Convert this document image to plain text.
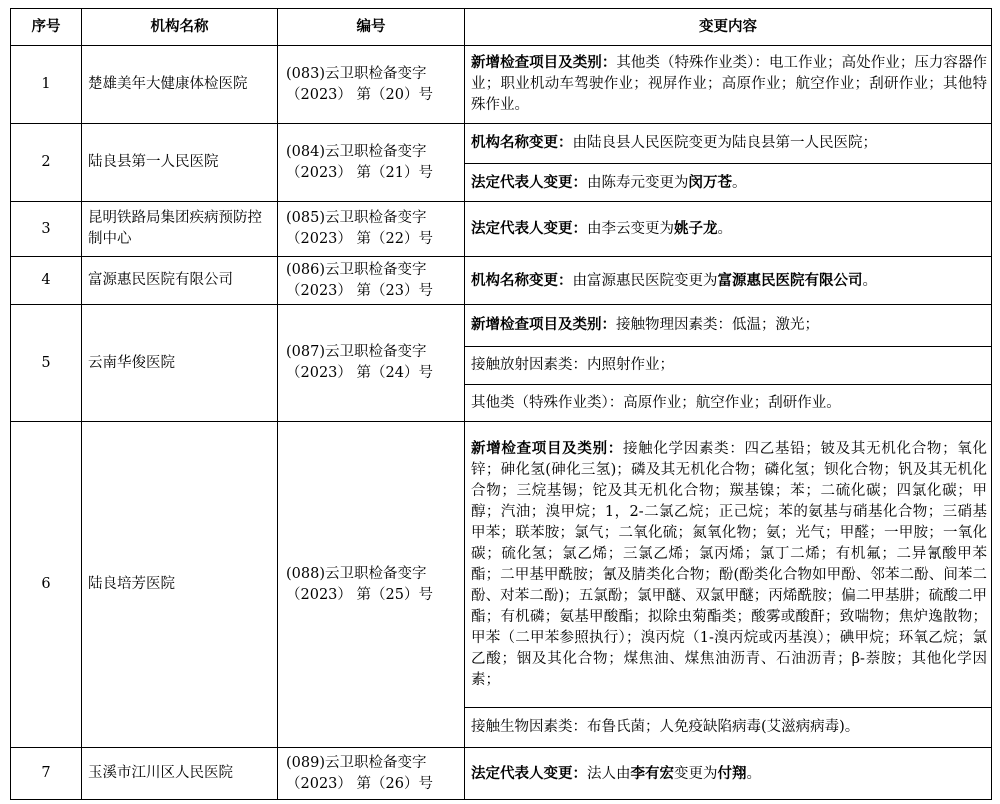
序号	机构名称	编号	变更内容
1	楚雄美年大健康体检医院	(083)云卫职检备变字（2023） 第（20）号	新增检查项目及类别：其他类（特殊作业类）：电工作业；高处作业；压力容器作业；职业机动车驾驶作业；视屏作业；高原作业；航空作业；刮研作业；其他特殊作业。
2	陆良县第一人民医院	(084)云卫职检备变字（2023） 第（21）号	机构名称变更：由陆良县人民医院变更为陆良县第一人民医院；
			法定代表人变更：由陈寿元变更为闵万苍。
3	昆明铁路局集团疾病预防控制中心	(085)云卫职检备变字（2023） 第（22）号	法定代表人变更：由李云变更为姚子龙。
4	富源惠民医院有限公司	(086)云卫职检备变字（2023） 第（23）号	机构名称变更：由富源惠民医院变更为富源惠民医院有限公司。
5	云南华俊医院	(087)云卫职检备变字（2023） 第（24）号	新增检查项目及类别：接触物理因素类：低温；激光；
			接触放射因素类：内照射作业；
			其他类（特殊作业类）：高原作业；航空作业；刮研作业。
6	陆良培芳医院	(088)云卫职检备变字（2023） 第（25）号	新增检查项目及类别：接触化学因素类：四乙基铅；铍及其无机化合物；氧化锌；砷化氢(砷化三氢)；磷及其无机化合物；磷化氢；钡化合物；钒及其无机化合物；三烷基锡；铊及其无机化合物；羰基镍；苯；二硫化碳；四氯化碳；甲醇；汽油；溴甲烷；1，2-二氯乙烷；正己烷；苯的氨基与硝基化合物；三硝基甲苯；联苯胺；氯气；二氧化硫；氮氧化物；氨；光气；甲醛；一甲胺；一氧化碳；硫化氢；氯乙烯；三氯乙烯；氯丙烯；氯丁二烯；有机氟；二异氰酸甲苯酯；二甲基甲酰胺；氰及腈类化合物；酚(酚类化合物如甲酚、邻苯二酚、间苯二酚、对苯二酚)；五氯酚；氯甲醚、双氯甲醚；丙烯酰胺；偏二甲基肼；硫酸二甲酯；有机磷；氨基甲酸酯；拟除虫菊酯类；酸雾或酸酐；致喘物；焦炉逸散物；甲苯（二甲苯参照执行）；溴丙烷（1-溴丙烷或丙基溴）；碘甲烷；环氧乙烷；氯乙酸；铟及其化合物；煤焦油、煤焦油沥青、石油沥青；β-萘胺；其他化学因素；
			接触生物因素类：布鲁氏菌；人免疫缺陷病毒(艾滋病病毒)。
7	玉溪市江川区人民医院	(089)云卫职检备变字（2023） 第（26）号	法定代表人变更：法人由李有宏变更为付翔。
